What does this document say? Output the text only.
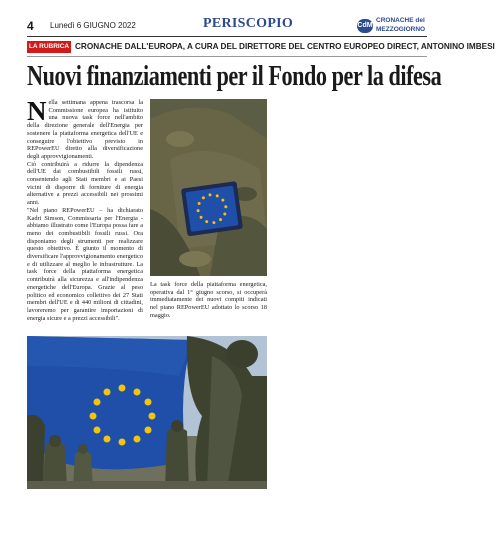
4 Lunedì 6 GIUGNO 2022	PERISCOPIO	CdM
CRONACHE del
MEZZOGIORNO
LA RUBRICA CRONACHE DALL'EUROPA, A CURA DEL DIRETTORE DEL CENTRO EUROPEO DIRECT, ANTONINO IMBESI
Nuovi finanziamenti per il Fondo per la difesa
N ella settimana appena trascorsa la Commissione europea ha istituito una nuova task force nell'ambito della direzione generale dell'Energia per sostenere la piattaforma energetica dell'UE e conseguire l'obiettivo previsto in REPowerEU diretto alla diversificazione degli approvvigionamenti.

Ciò contribuirà a ridurre la dipendenza dell'UE dai combustibili fossili russi, consentendo agli Stati membri e ai Paesi vicini di disporre di forniture di energia alternative a prezzi accessibili nei prossimi anni.

"Nel piano REPowerEU – ha dichiarato Kadri Simson, Commissaria per l'Energia - abbiamo illustrato come l'Europa possa fare a meno dei combustibili fossili russi. Ora disponiamo degli strumenti per realizzare questo obiettivo. È giunto il momento di diversificare l'approvvigionamento energetico e di utilizzare al meglio le infrastrutture. La task force della piattaforma energetica contribuirà alla sicurezza e all'indipendenza energetiche dell'Europa. Grazie al peso politico ed economico collettivo dei 27 Stati membri dell'UE e di 440 milioni di cittadini, lavoreremo per garantire importazioni di energia sicure e a prezzi accessibili".

La task force della piattaforma energetica, operativa dal 1° giugno scorso, si occuperà immediatamente dei nuovi compiti indicati nel piano REPowerEU adottato lo scorso 18 maggio.
